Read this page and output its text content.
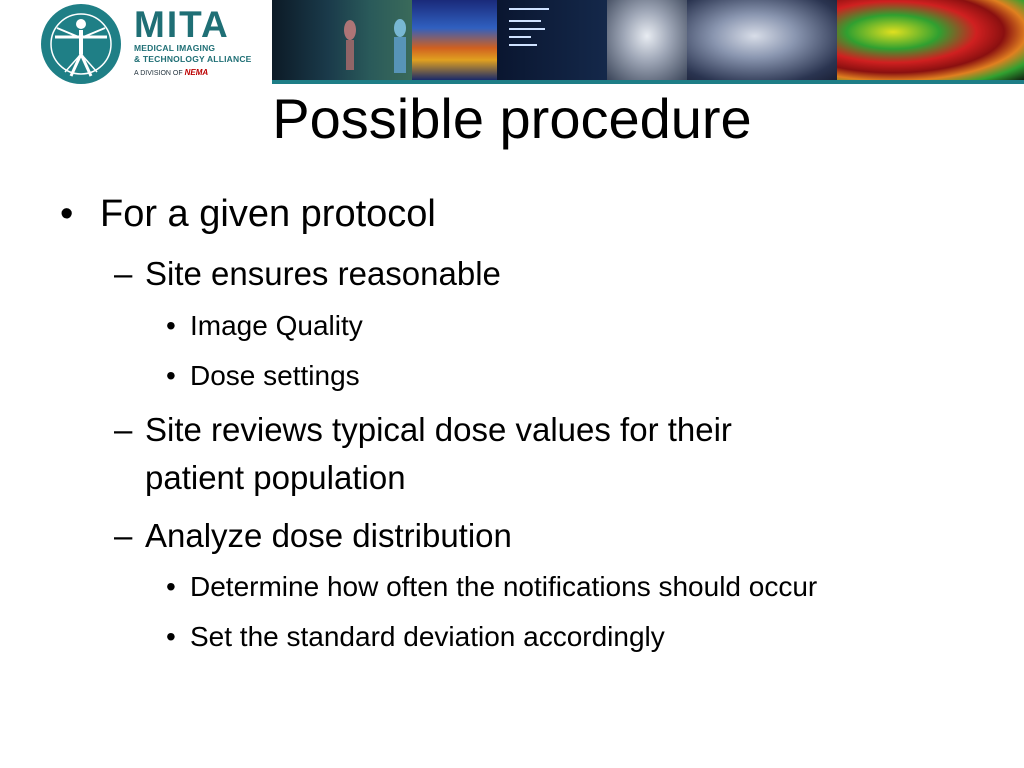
MITA
MEDICAL IMAGING
& TECHNOLOGY ALLIANCE
A DIVISION OF NEMA
Possible procedure
• For a given protocol
– Site ensures reasonable
• Image Quality
• Dose settings
– Site reviews typical dose values for their
patient population
– Analyze dose distribution
• Determine how often the notifications should occur
• Set the standard deviation accordingly
